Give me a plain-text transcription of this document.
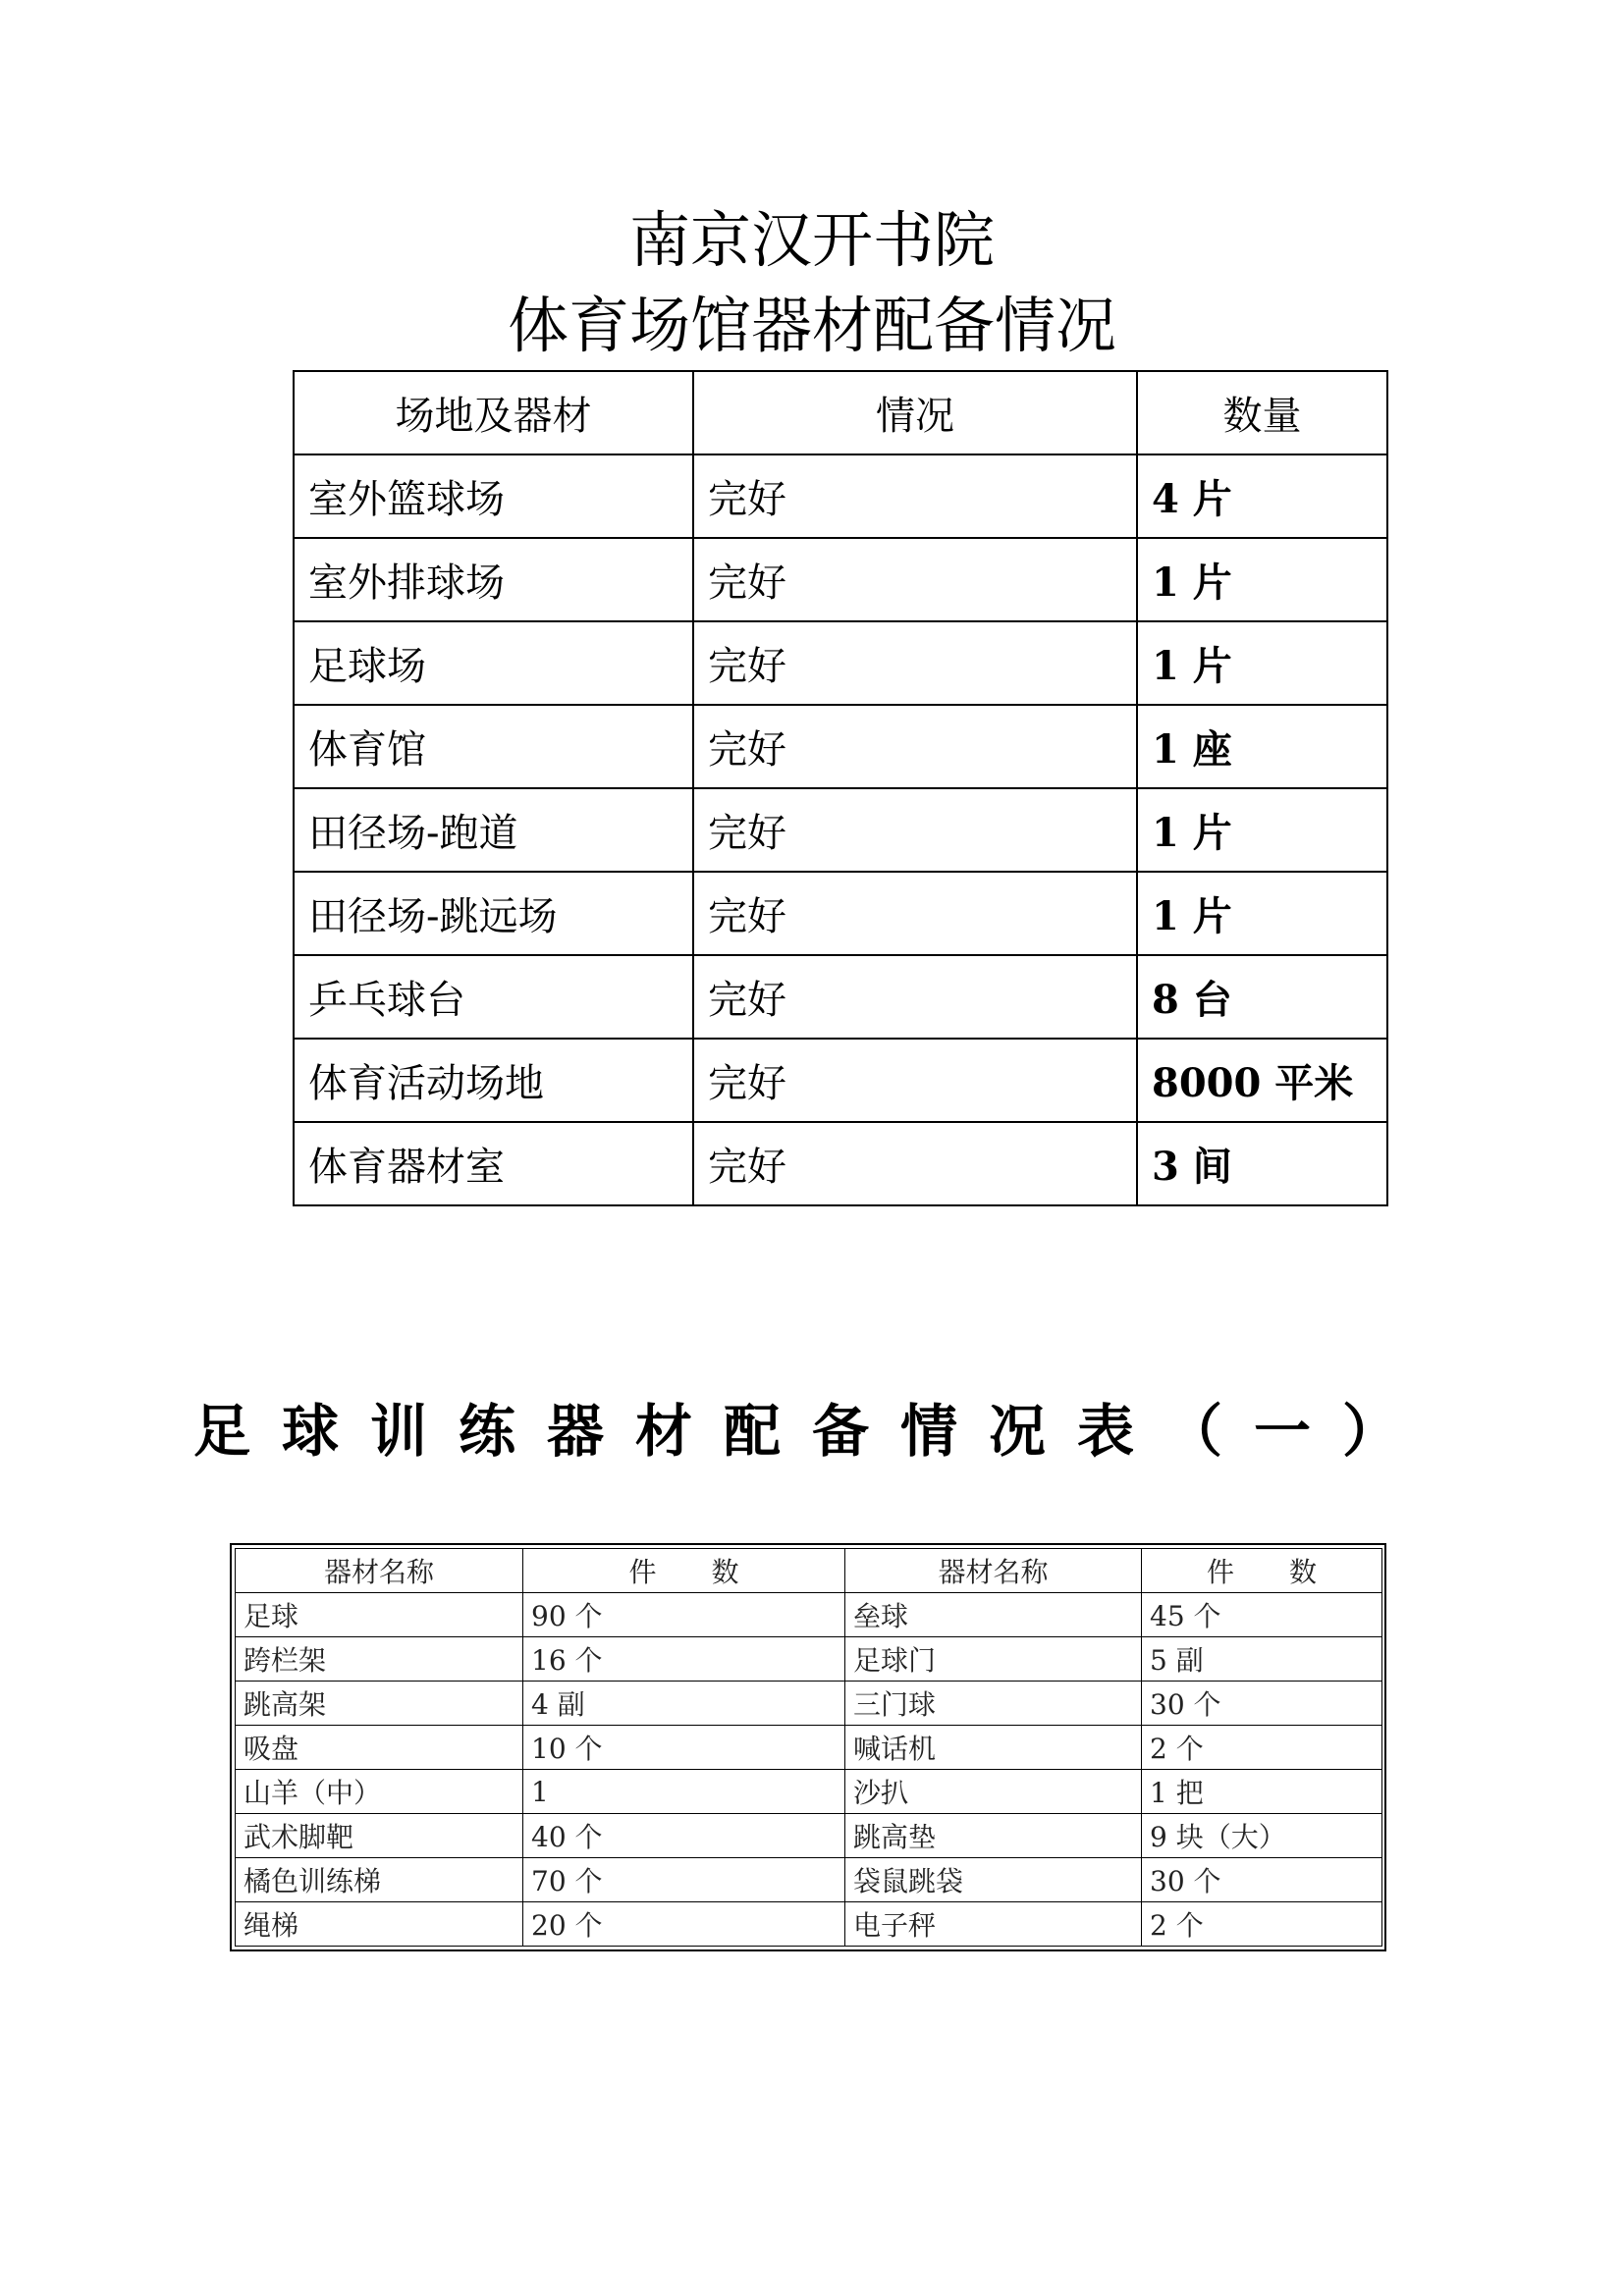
南京汉开书院
体育场馆器材配备情况
场地及器材	情况	数量
室外篮球场	完好	4 片
室外排球场	完好	1 片
足球场	完好	1 片
体育馆	完好	1 座
田径场-跑道	完好	1 片
田径场-跳远场	完好	1 片
乒乓球台	完好	8 台
体育活动场地	完好	8000 平米
体育器材室	完好	3 间
足球训练器材配备情况表（一）
器材名称	件　　数	器材名称	件　　数
足球	90 个	垒球	45 个
跨栏架	16 个	足球门	5 副
跳高架	4 副	三门球	30 个
吸盘	10 个	喊话机	2 个
山羊（中）	1	沙扒	1 把
武术脚靶	40 个	跳高垫	9 块（大）
橘色训练梯	70 个	袋鼠跳袋	30 个
绳梯	20 个	电子秤	2 个
